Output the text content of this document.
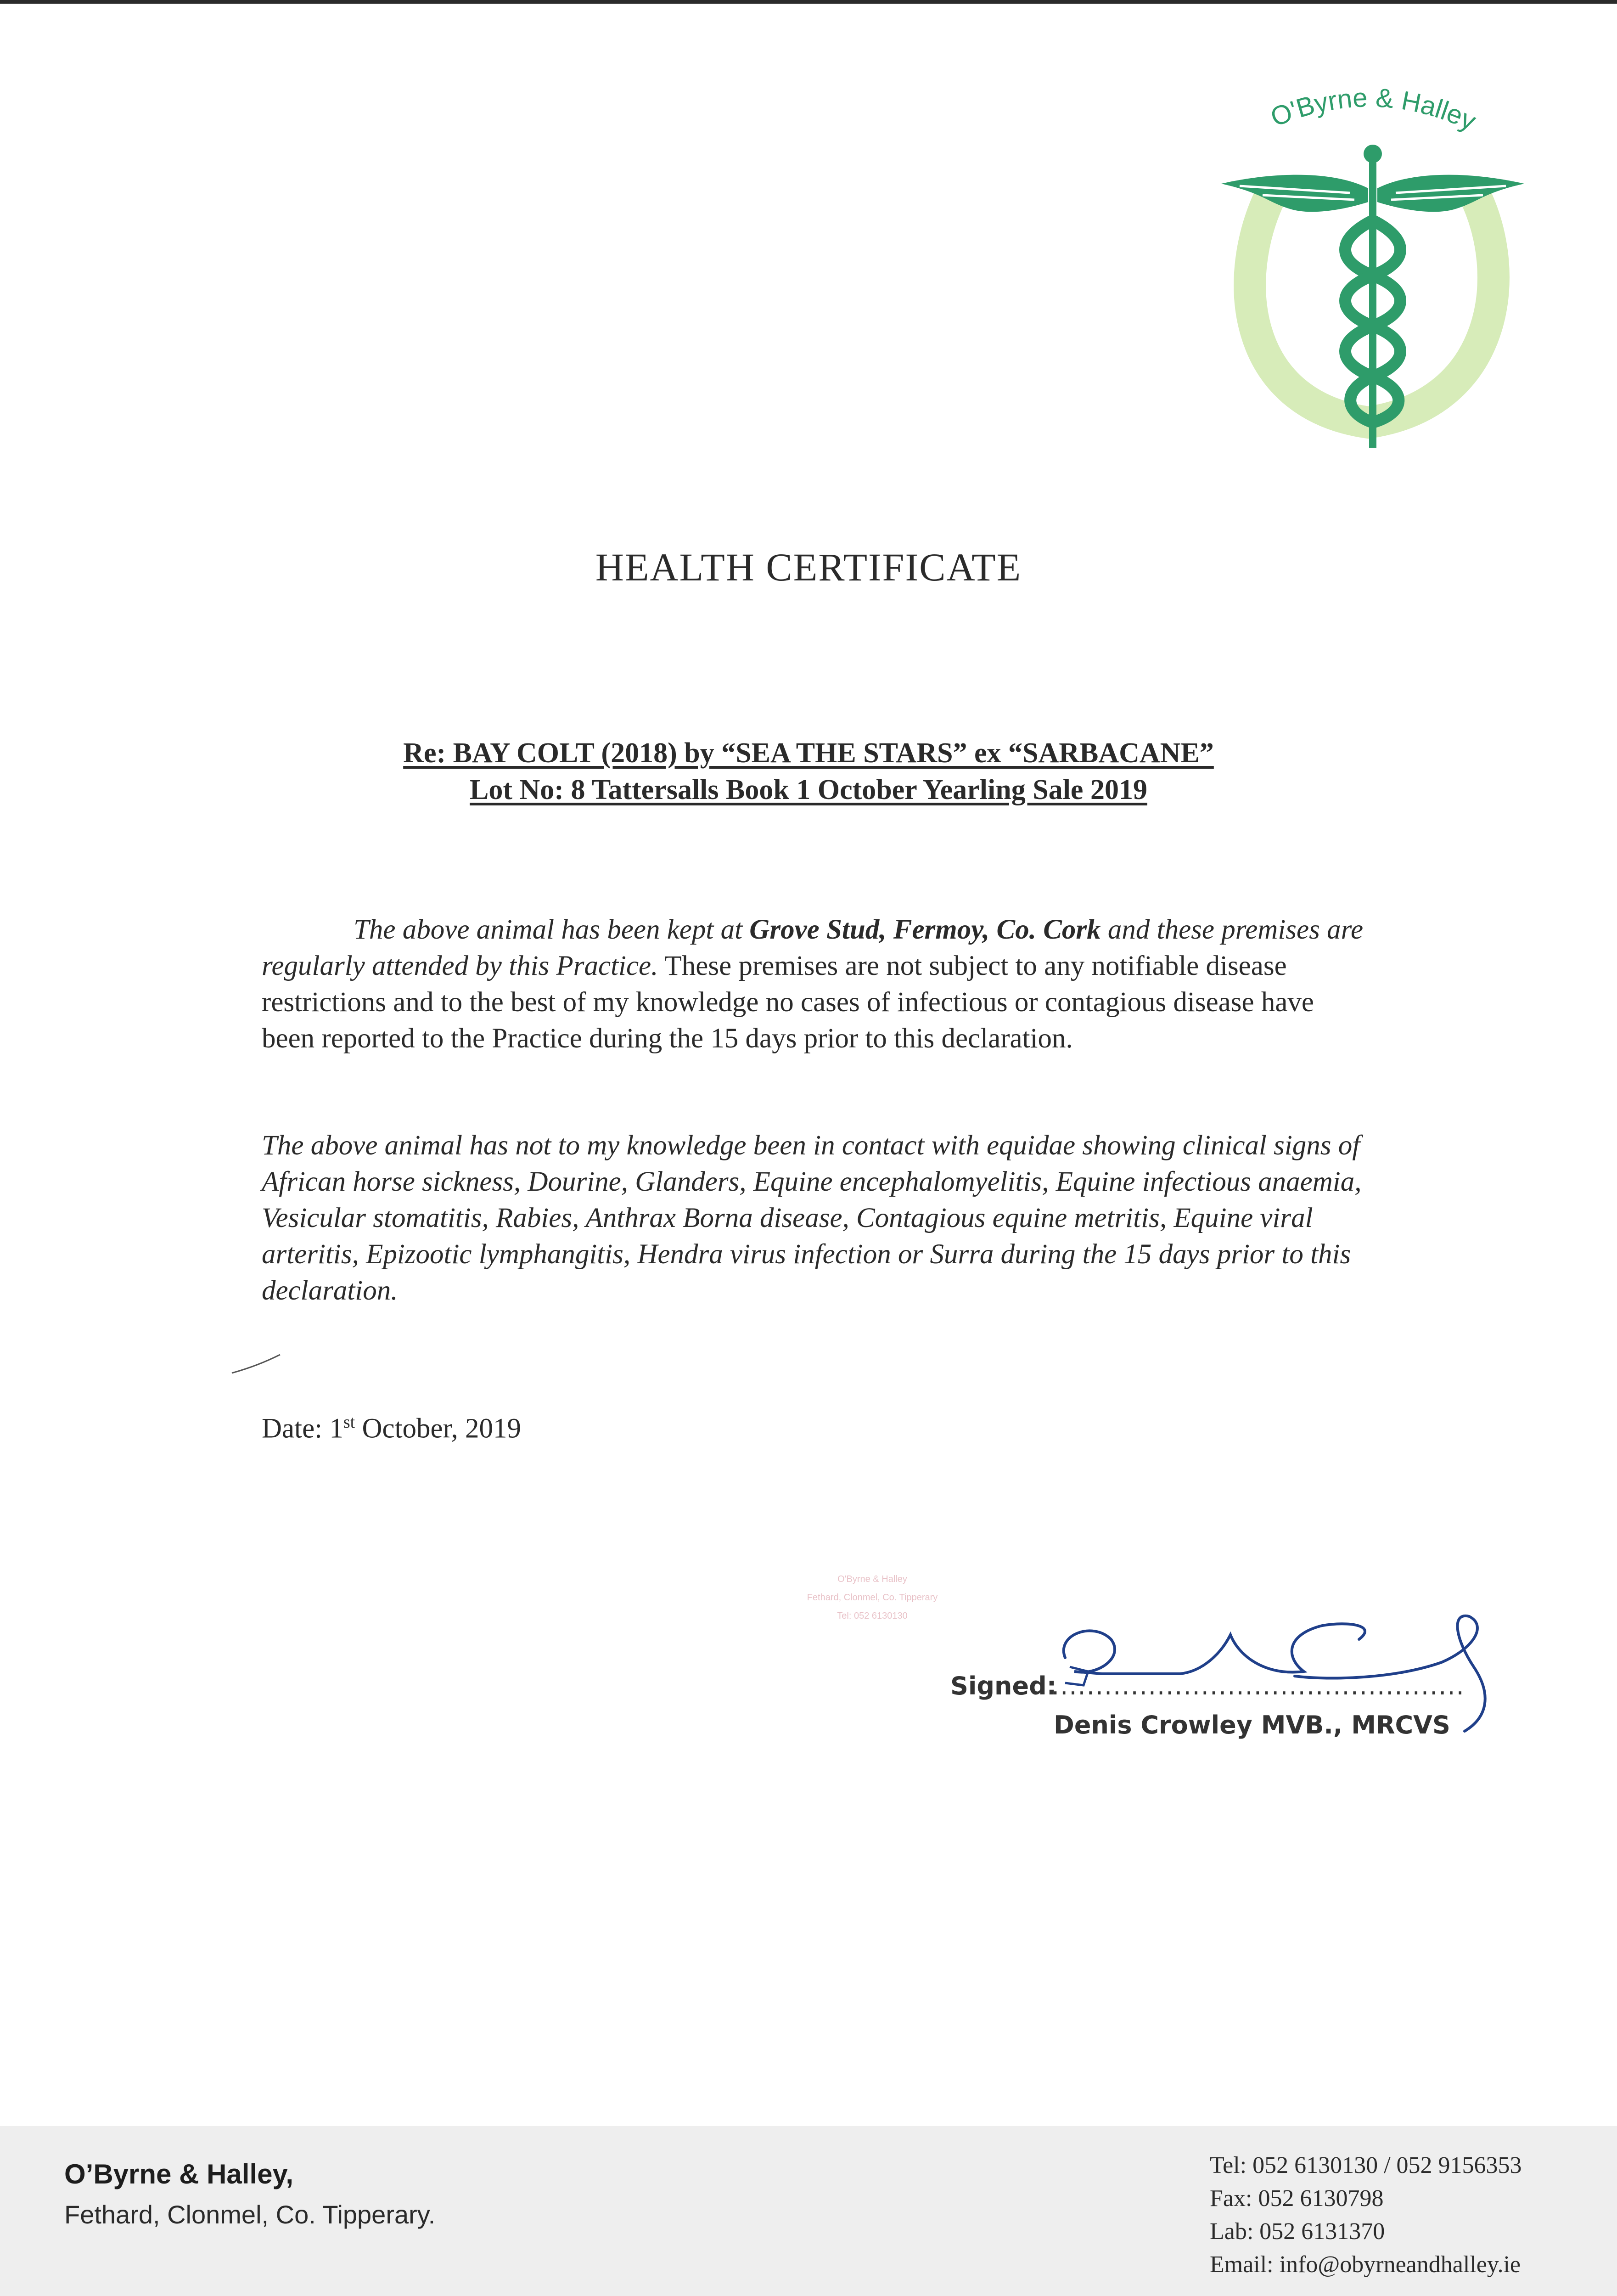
O'Byrne & Halley
HEALTH CERTIFICATE
Re: BAY COLT (2018) by “SEA THE STARS” ex “SARBACANE”
Lot No: 8 Tattersalls Book 1 October Yearling Sale 2019
The above animal has been kept at Grove Stud, Fermoy, Co. Cork and these premises are regularly attended by this Practice. These premises are not subject to any notifiable disease restrictions and to the best of my knowledge no cases of infectious or contagious disease have been reported to the Practice during the 15 days prior to this declaration.
The above animal has not to my knowledge been in contact with equidae showing clinical signs of African horse sickness, Dourine, Glanders, Equine encephalomyelitis, Equine infectious anaemia, Vesicular stomatitis, Rabies, Anthrax Borna disease, Contagious equine metritis, Equine viral arteritis, Epizootic lymphangitis, Hendra virus infection or Surra during the 15 days prior to this declaration.
Date: 1st October, 2019
O'Byrne & Halley
Fethard, Clonmel, Co. Tipperary
Tel: 052 6130130
Signed:
...............................................
Denis Crowley MVB., MRCVS
O’Byrne & Halley,
Fethard, Clonmel, Co. Tipperary.
Tel: 052 6130130 / 052 9156353
Fax: 052 6130798
Lab: 052 6131370
Email: info@obyrneandhalley.ie
